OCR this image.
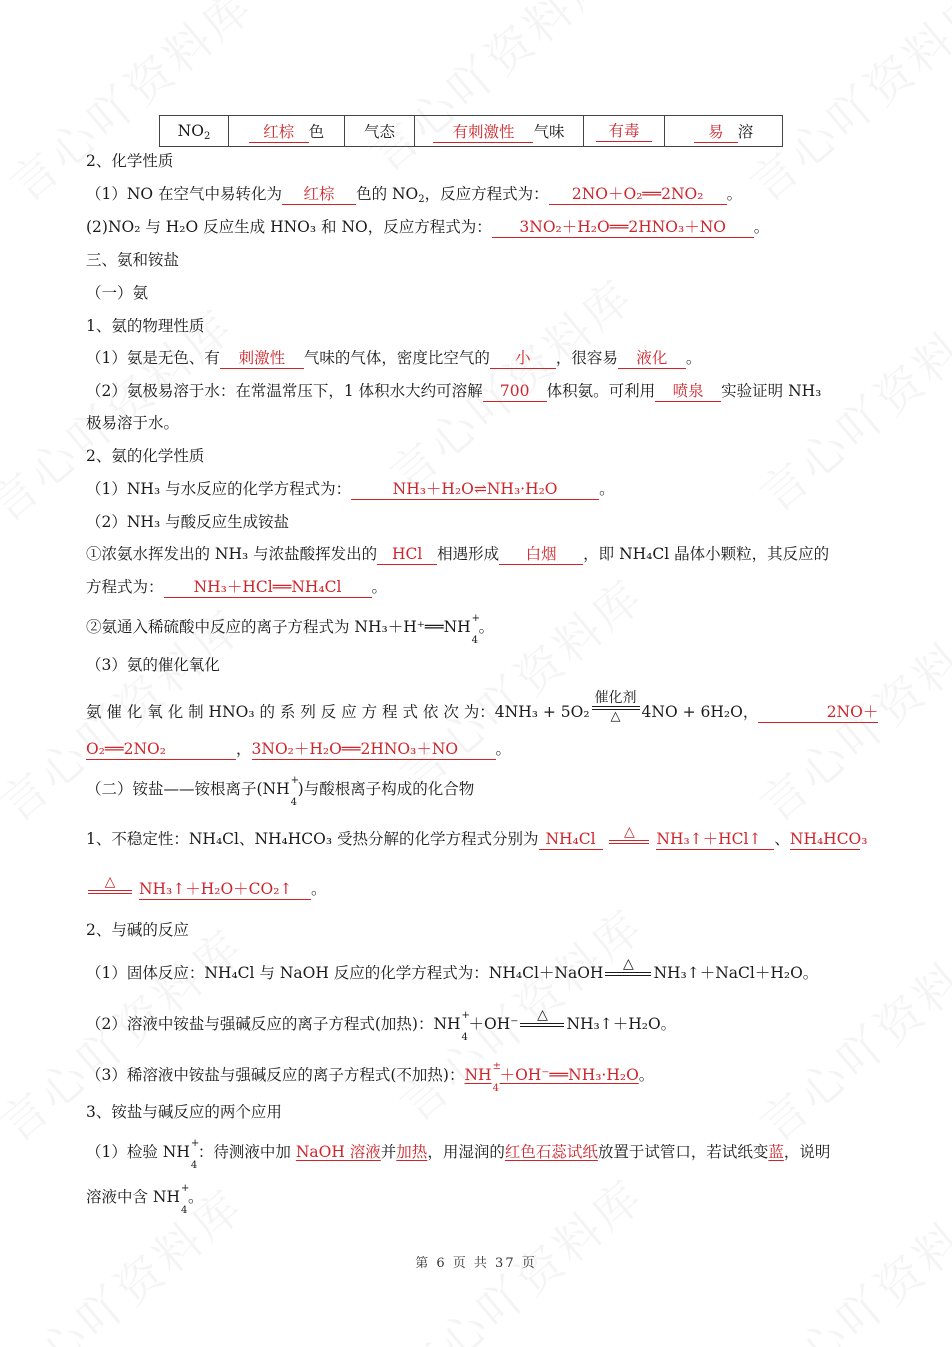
$NO_2$	红棕 色	气态	有刺激性 气味	有毒	易 溶
2、化学性质
（1）NO 在空气中易转化为 红棕 色的 $NO_2$，反应方程式为： 2NO＋O₂══2NO₂ 。
(2)NO₂ 与 H₂O 反应生成 HNO₃ 和 NO，反应方程式为： 3NO₂＋H₂O══2HNO₃＋NO 。
三、氨和铵盐
（一）氨
1、氨的物理性质
（1）氨是无色、有 刺激性 气味的气体，密度比空气的 小 ，很容易 液化 。
（2）氨极易溶于水：在常温常压下，1 体积水大约可溶解 700 体积氨。可利用 喷泉 实验证明 NH₃
极易溶于水。
2、氨的化学性质
（1）NH₃ 与水反应的化学方程式为：	NH₃＋H₂O⇌NH₃·H₂O	。
（2）NH₃ 与酸反应生成铵盐
①浓氨水挥发出的 NH₃ 与浓盐酸挥发出的 HCl 相遇形成 白烟 ，即 NH₄Cl 晶体小颗粒，其反应的
方程式为： NH₃＋HCl══NH₄Cl 。
②氨通入稀硫酸中反应的离子方程式为 NH₃＋H⁺══NH +
4
。
（3）氨的催化氧化
氨 催 化 氧 化 制 HNO₃ 的 系 列 反 应 方 程 式 依 次 为：4NH₃ + 5O₂
催化剂
△	4NO + 6H₂O，	2NO＋
O₂══2NO₂	，3NO₂＋H₂O══2HNO₃＋NO 。
（二）铵盐——铵根离子(NH +
4
)与酸根离子构成的化合物
1、不稳定性：NH₄Cl、NH₄HCO₃ 受热分解的化学方程式分别为 NH₄Cl	△	NH₃↑＋HCl↑ 、NH₄HCO₃
△	NH₃↑＋H₂O＋CO₂↑ 。
2、与碱的反应
（1）固体反应：NH₄Cl 与 NaOH 反应的化学方程式为：NH₄Cl＋NaOH	△	NH₃↑＋NaCl＋H₂O。
（2）溶液中铵盐与强碱反应的离子方程式(加热)：NH +
4
＋OH⁻	△	NH₃↑＋H₂O。
（3）稀溶液中铵盐与强碱反应的离子方程式(不加热)：NH ±
4
＋OH⁻══NH₃·H₂O。
3、铵盐与碱反应的两个应用
（1）检验 NH +
4
：待测液中加 NaOH 溶液并加热，用湿润的红色石蕊试纸放置于试管口，若试纸变蓝，说明
溶液中含 NH +
4
。
第 6 页 共 37 页
